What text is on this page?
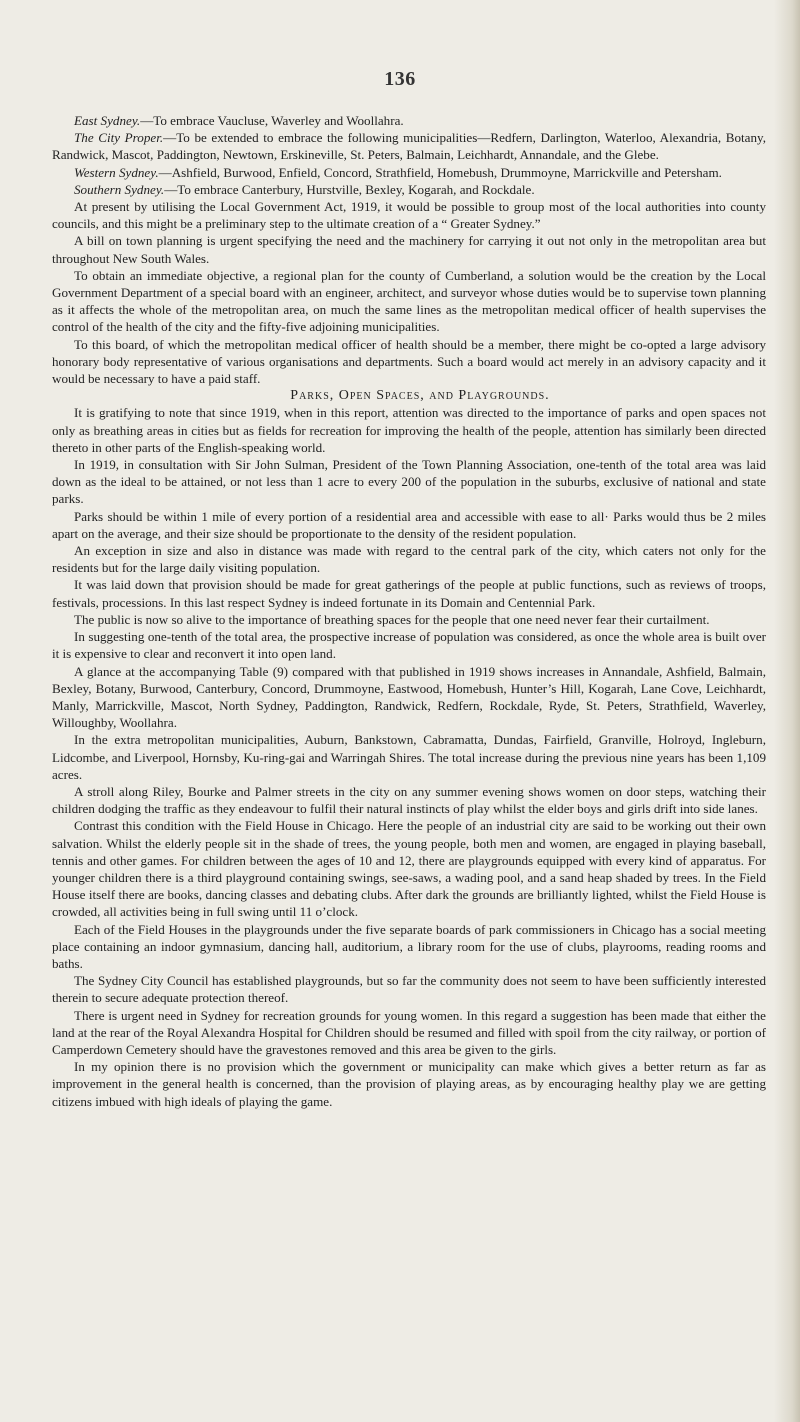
136

East Sydney.—To embrace Vaucluse, Waverley and Woollahra.

The City Proper.—To be extended to embrace the following municipalities—Redfern, Darlington, Waterloo, Alexandria, Botany, Randwick, Mascot, Paddington, Newtown, Erskineville, St. Peters, Balmain, Leichhardt, Annandale, and the Glebe.

Western Sydney.—Ashfield, Burwood, Enfield, Concord, Strathfield, Homebush, Drummoyne, Marrickville and Petersham.

Southern Sydney.—To embrace Canterbury, Hurstville, Bexley, Kogarah, and Rockdale.

At present by utilising the Local Government Act, 1919, it would be possible to group most of the local authorities into county councils, and this might be a preliminary step to the ultimate creation of a “ Greater Sydney.”

A bill on town planning is urgent specifying the need and the machinery for carrying it out not only in the metropolitan area but throughout New South Wales.

To obtain an immediate objective, a regional plan for the county of Cumberland, a solution would be the creation by the Local Government Department of a special board with an engineer, architect, and surveyor whose duties would be to supervise town planning as it affects the whole of the metropolitan area, on much the same lines as the metropolitan medical officer of health supervises the control of the health of the city and the fifty-five adjoining municipalities.

To this board, of which the metropolitan medical officer of health should be a member, there might be co-opted a large advisory honorary body representative of various organisations and departments. Such a board would act merely in an advisory capacity and it would be necessary to have a paid staff.

Parks, Open Spaces, and Playgrounds.

It is gratifying to note that since 1919, when in this report, attention was directed to the importance of parks and open spaces not only as breathing areas in cities but as fields for recreation for improving the health of the people, attention has similarly been directed thereto in other parts of the English-speaking world.

In 1919, in consultation with Sir John Sulman, President of the Town Planning Association, one-tenth of the total area was laid down as the ideal to be attained, or not less than 1 acre to every 200 of the population in the suburbs, exclusive of national and state parks.

Parks should be within 1 mile of every portion of a residential area and accessible with ease to all· Parks would thus be 2 miles apart on the average, and their size should be proportionate to the density of the resident population.

An exception in size and also in distance was made with regard to the central park of the city, which caters not only for the residents but for the large daily visiting population.

It was laid down that provision should be made for great gatherings of the people at public functions, such as reviews of troops, festivals, processions. In this last respect Sydney is indeed fortunate in its Domain and Centennial Park.

The public is now so alive to the importance of breathing spaces for the people that one need never fear their curtailment.

In suggesting one-tenth of the total area, the prospective increase of population was considered, as once the whole area is built over it is expensive to clear and reconvert it into open land.

A glance at the accompanying Table (9) compared with that published in 1919 shows increases in Annandale, Ashfield, Balmain, Bexley, Botany, Burwood, Canterbury, Concord, Drummoyne, Eastwood, Homebush, Hunter’s Hill, Kogarah, Lane Cove, Leichhardt, Manly, Marrickville, Mascot, North Sydney, Paddington, Randwick, Redfern, Rockdale, Ryde, St. Peters, Strathfield, Waverley, Willoughby, Woollahra.

In the extra metropolitan municipalities, Auburn, Bankstown, Cabramatta, Dundas, Fairfield, Granville, Holroyd, Ingleburn, Lidcombe, and Liverpool, Hornsby, Ku-ring-gai and Warringah Shires. The total increase during the previous nine years has been 1,109 acres.

A stroll along Riley, Bourke and Palmer streets in the city on any summer evening shows women on door steps, watching their children dodging the traffic as they endeavour to fulfil their natural instincts of play whilst the elder boys and girls drift into side lanes.

Contrast this condition with the Field House in Chicago. Here the people of an industrial city are said to be working out their own salvation. Whilst the elderly people sit in the shade of trees, the young people, both men and women, are engaged in playing baseball, tennis and other games. For children between the ages of 10 and 12, there are playgrounds equipped with every kind of apparatus. For younger children there is a third playground containing swings, see-saws, a wading pool, and a sand heap shaded by trees. In the Field House itself there are books, dancing classes and debating clubs. After dark the grounds are brilliantly lighted, whilst the Field House is crowded, all activities being in full swing until 11 o’clock.

Each of the Field Houses in the playgrounds under the five separate boards of park commissioners in Chicago has a social meeting place containing an indoor gymnasium, dancing hall, auditorium, a library room for the use of clubs, playrooms, reading rooms and baths.

The Sydney City Council has established playgrounds, but so far the community does not seem to have been sufficiently interested therein to secure adequate protection thereof.

There is urgent need in Sydney for recreation grounds for young women. In this regard a suggestion has been made that either the land at the rear of the Royal Alexandra Hospital for Children should be resumed and filled with spoil from the city railway, or portion of Camperdown Cemetery should have the gravestones removed and this area be given to the girls.

In my opinion there is no provision which the government or municipality can make which gives a better return as far as improvement in the general health is concerned, than the provision of playing areas, as by encouraging healthy play we are getting citizens imbued with high ideals of playing the game.
